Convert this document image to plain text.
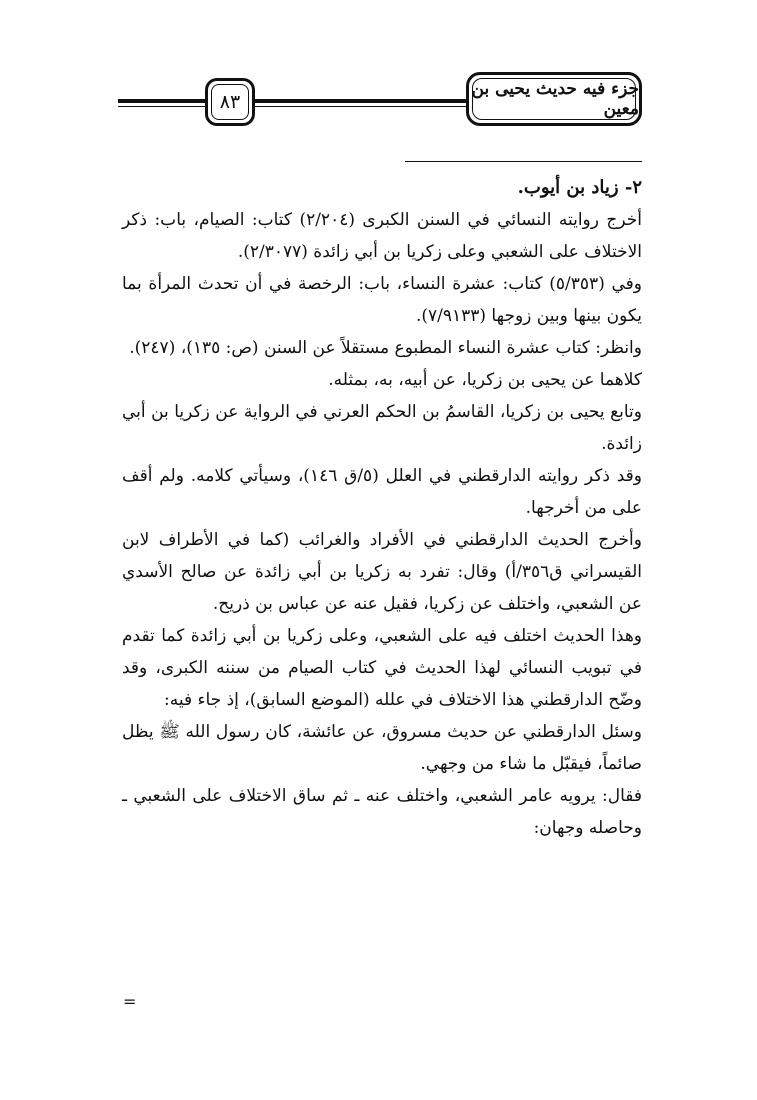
٨٣
جزء فيه حديث يحيى بن معين

٢- زياد بن أيوب.

أخرج روايته النسائي في السنن الكبرى (٢/٢٠٤) كتاب: الصيام، باب: ذكر الاختلاف على الشعبي وعلى زكريا بن أبي زائدة (٢/٣٠٧٧).

وفي (٥/٣٥٣) كتاب: عشرة النساء، باب: الرخصة في أن تحدث المرأة بما يكون بينها وبين زوجها (٧/٩١٣٣).

وانظر: كتاب عشرة النساء المطبوع مستقلاً عن السنن (ص: ١٣٥)، (٢٤٧).

كلاهما عن يحيى بن زكريا، عن أبيه، به، بمثله.

وتابع يحيى بن زكريا، القاسمُ بن الحكم العرني في الرواية عن زكريا بن أبي زائدة.

وقد ذكر روايته الدارقطني في العلل (٥/ق ١٤٦)، وسيأتي كلامه. ولم أقف على من أخرجها.

وأخرج الحديث الدارقطني في الأفراد والغرائب (كما في الأطراف لابن القيسراني ق٣٥٦/أ) وقال: تفرد به زكريا بن أبي زائدة عن صالح الأسدي عن الشعبي، واختلف عن زكريا، فقيل عنه عن عباس بن ذريح.

وهذا الحديث اختلف فيه على الشعبي، وعلى زكريا بن أبي زائدة كما تقدم في تبويب النسائي لهذا الحديث في كتاب الصيام من سننه الكبرى، وقد وضّح الدارقطني هذا الاختلاف في علله (الموضع السابق)، إذ جاء فيه:

وسئل الدارقطني عن حديث مسروق، عن عائشة، كان رسول الله ﷺ يظل صائماً، فيقبّل ما شاء من وجهي.

فقال: يرويه عامر الشعبي، واختلف عنه ـ ثم ساق الاختلاف على الشعبي ـ وحاصله وجهان:

=
